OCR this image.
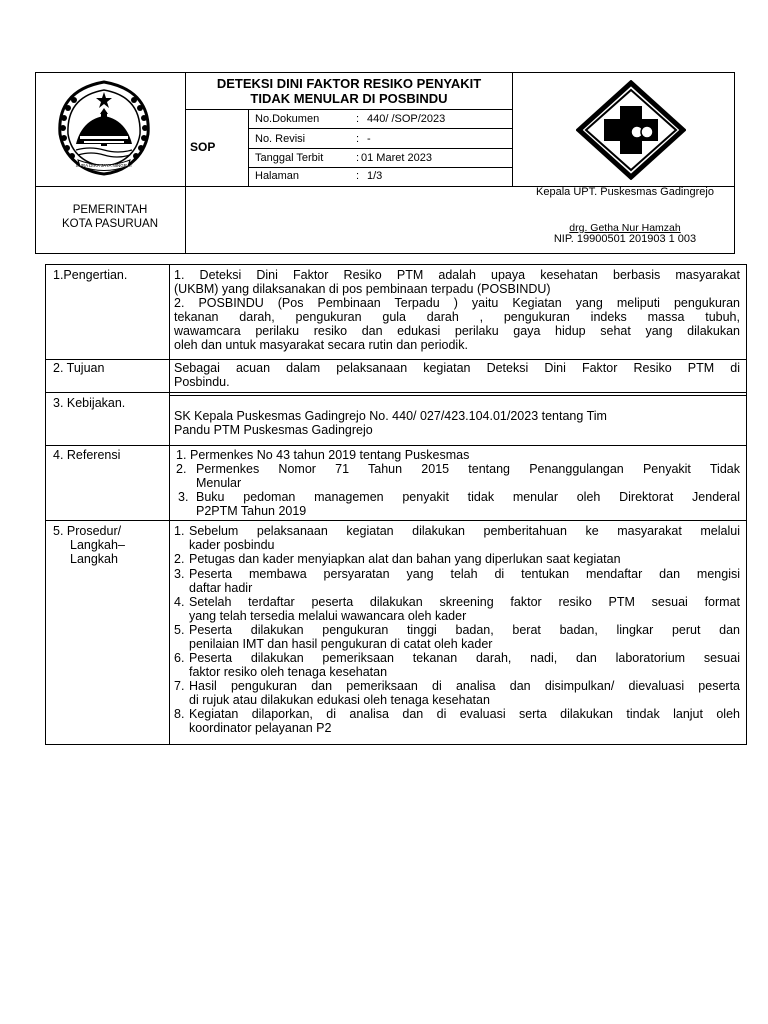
SURA DIRA JAYA NINGRAT
DETEKSI DINI FAKTOR RESIKO PENYAKIT
TIDAK MENULAR DI POSBINDU
SOP
No.Dokumen	: 440/ /SOP/2023
No. Revisi	: -
Tanggal Terbit	: 01 Maret 2023
Halaman	: 1/3
PEMERINTAH
KOTA PASURUAN
Kepala UPT. Puskesmas Gadingrejo
drg. Getha Nur Hamzah
NIP. 19900501 201903 1 003
1.Pengertian.	1. Deteksi Dini Faktor Resiko PTM adalah upaya kesehatan berbasis masyarakat
(UKBM) yang dilaksanakan di pos pembinaan terpadu (POSBINDU)
2. POSBINDU (Pos Pembinaan Terpadu ) yaitu Kegiatan yang meliputi pengukuran
tekanan darah, pengukuran gula darah , pengukuran indeks massa tubuh,
wawamcara perilaku resiko dan edukasi perilaku gaya hidup sehat yang dilakukan
oleh dan untuk masyarakat secara rutin dan periodik.
2. Tujuan	Sebagai acuan dalam pelaksanaan kegiatan Deteksi Dini Faktor Resiko PTM di
Posbindu.
3. Kebijakan.
SK Kepala Puskesmas Gadingrejo No. 440/ 027/423.104.01/2023 tentang Tim
Pandu PTM Puskesmas Gadingrejo
4. Referensi	1. Permenkes No 43 tahun 2019 tentang Puskesmas
2. Permenkes Nomor 71 Tahun 2015 tentang Penanggulangan Penyakit Tidak
Menular
3. Buku pedoman managemen penyakit tidak menular oleh Direktorat Jenderal
P2PTM Tahun 2019
5. Prosedur/
Langkah–
Langkah
1. Sebelum pelaksanaan kegiatan dilakukan pemberitahuan ke masyarakat melalui
kader posbindu
2. Petugas dan kader menyiapkan alat dan bahan yang diperlukan saat kegiatan
3. Peserta membawa persyaratan yang telah di tentukan mendaftar dan mengisi
daftar hadir
4. Setelah terdaftar peserta dilakukan skreening faktor resiko PTM sesuai format
yang telah tersedia melalui wawancara oleh kader
5. Peserta dilakukan pengukuran tinggi badan, berat badan, lingkar perut dan
penilaian IMT dan hasil pengukuran di catat oleh kader
6. Peserta dilakukan pemeriksaan tekanan darah, nadi, dan laboratorium sesuai
faktor resiko oleh tenaga kesehatan
7. Hasil pengukuran dan pemeriksaan di analisa dan disimpulkan/ dievaluasi peserta
di rujuk atau dilakukan edukasi oleh tenaga kesehatan
8. Kegiatan dilaporkan, di analisa dan di evaluasi serta dilakukan tindak lanjut oleh
koordinator pelayanan P2
